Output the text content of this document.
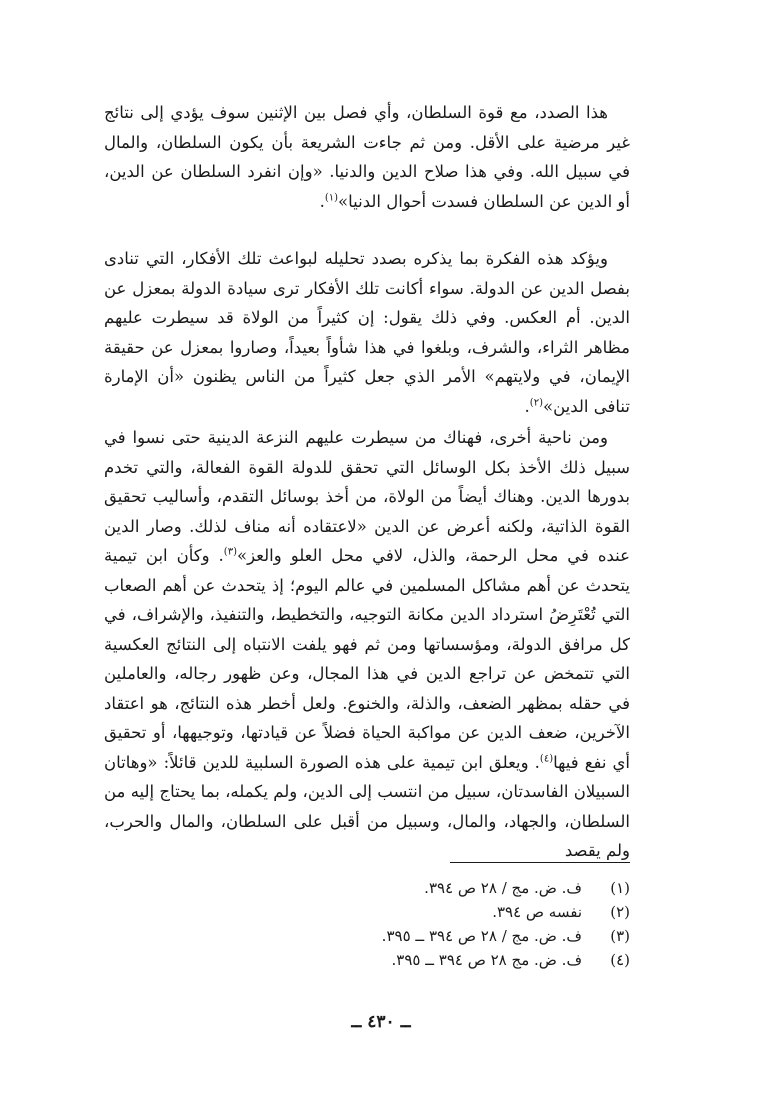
هذا الصدد، مع قوة السلطان، وأي فصل بين الإثنين سوف يؤدي إلى نتائج غير مرضية على الأقل. ومن ثم جاءت الشريعة بأن يكون السلطان، والمال في سبيل الله. وفي هذا صلاح الدين والدنيا. «وإن انفرد السلطان عن الدين، أو الدين عن السلطان فسدت أحوال الدنيا»$^{(١)}$.

ويؤكد هذه الفكرة بما يذكره بصدد تحليله لبواعث تلك الأفكار، التي تنادى بفصل الدين عن الدولة. سواء أكانت تلك الأفكار ترى سيادة الدولة بمعزل عن الدين. أم العكس. وفي ذلك يقول: إن كثيراً من الولاة قد سيطرت عليهم مظاهر الثراء، والشرف، وبلغوا في هذا شأواً بعيداً، وصاروا بمعزل عن حقيقة الإيمان، في ولايتهم» الأمر الذي جعل كثيراً من الناس يظنون «أن الإمارة تنافى الدين»$^{(٢)}$.

ومن ناحية أخرى، فهناك من سيطرت عليهم النزعة الدينية حتى نسوا في سبيل ذلك الأخذ بكل الوسائل التي تحقق للدولة القوة الفعالة، والتي تخدم بدورها الدين. وهناك أيضاً من الولاة، من أخذ بوسائل التقدم، وأساليب تحقيق القوة الذاتية، ولكنه أعرض عن الدين «لاعتقاده أنه مناف لذلك. وصار الدين عنده في محل الرحمة، والذل، لافي محل العلو والعز»$^{(٣)}$. وكأن ابن تيمية يتحدث عن أهم مشاكل المسلمين في عالم اليوم؛ إذ يتحدث عن أهم الصعاب التي تُعْتَرِضُ استرداد الدين مكانة التوجيه، والتخطيط، والتنفيذ، والإشراف، في كل مرافق الدولة، ومؤسساتها ومن ثم فهو يلفت الانتباه إلى النتائج العكسية التي تتمخض عن تراجع الدين في هذا المجال، وعن ظهور رجاله، والعاملين في حقله بمظهر الضعف، والذلة، والخنوع. ولعل أخطر هذه النتائج، هو اعتقاد الآخرين، ضعف الدين عن مواكبة الحياة فضلاً عن قيادتها، وتوجيهها، أو تحقيق أي نفع فيها$^{(٤)}$. ويعلق ابن تيمية على هذه الصورة السلبية للدين قائلاً: «وهاتان السبيلان الفاسدتان، سبيل من انتسب إلى الدين، ولم يكمله، بما يحتاج إليه من السلطان، والجهاد، والمال، وسبيل من أقبل على السلطان، والمال والحرب، ولم يقصد

(١)
ف. ض. مج / ٢٨ ص ٣٩٤.
(٢)
نفسه ص ٣٩٤.
(٣)
ف. ض. مج / ٢٨ ص ٣٩٤ ــ ٣٩٥.
(٤)
ف. ض. مج ٢٨ ص ٣٩٤ ــ ٣٩٥.
ــ ٤٣٠ ــ
